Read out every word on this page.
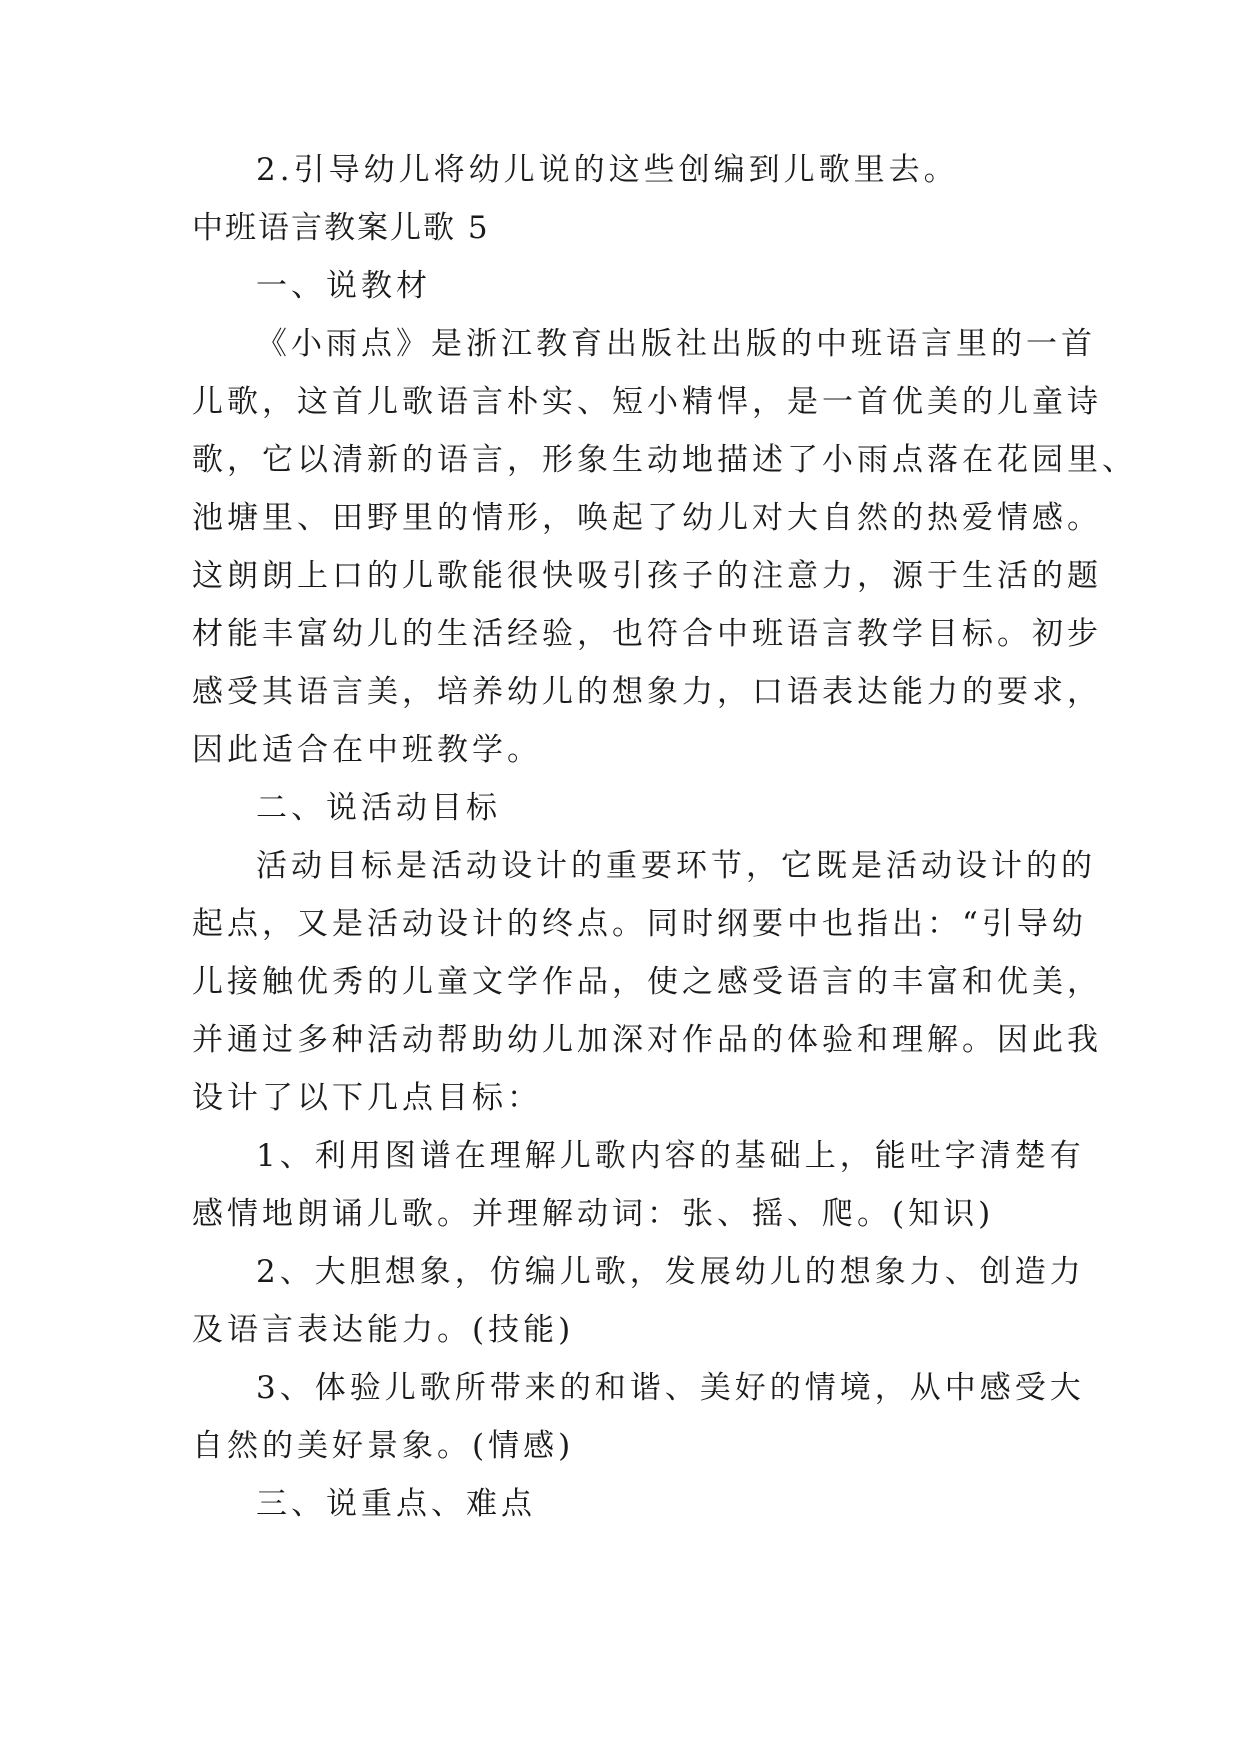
2.引导幼儿将幼儿说的这些创编到儿歌里去。
中班语言教案儿歌 5
一、说教材
《小雨点》是浙江教育出版社出版的中班语言里的一首
儿歌，这首儿歌语言朴实、短小精悍，是一首优美的儿童诗
歌，它以清新的语言，形象生动地描述了小雨点落在花园里、
池塘里、田野里的情形，唤起了幼儿对大自然的热爱情感。
这朗朗上口的儿歌能很快吸引孩子的注意力，源于生活的题
材能丰富幼儿的生活经验，也符合中班语言教学目标。初步
感受其语言美，培养幼儿的想象力，口语表达能力的要求，
因此适合在中班教学。
二、说活动目标
活动目标是活动设计的重要环节，它既是活动设计的的
起点，又是活动设计的终点。同时纲要中也指出：“引导幼
儿接触优秀的儿童文学作品，使之感受语言的丰富和优美，
并通过多种活动帮助幼儿加深对作品的体验和理解。因此我
设计了以下几点目标：
1、利用图谱在理解儿歌内容的基础上，能吐字清楚有
感情地朗诵儿歌。并理解动词：张、摇、爬。(知识)
2、大胆想象，仿编儿歌，发展幼儿的想象力、创造力
及语言表达能力。(技能)
3、体验儿歌所带来的和谐、美好的情境，从中感受大
自然的美好景象。(情感)
三、说重点、难点
